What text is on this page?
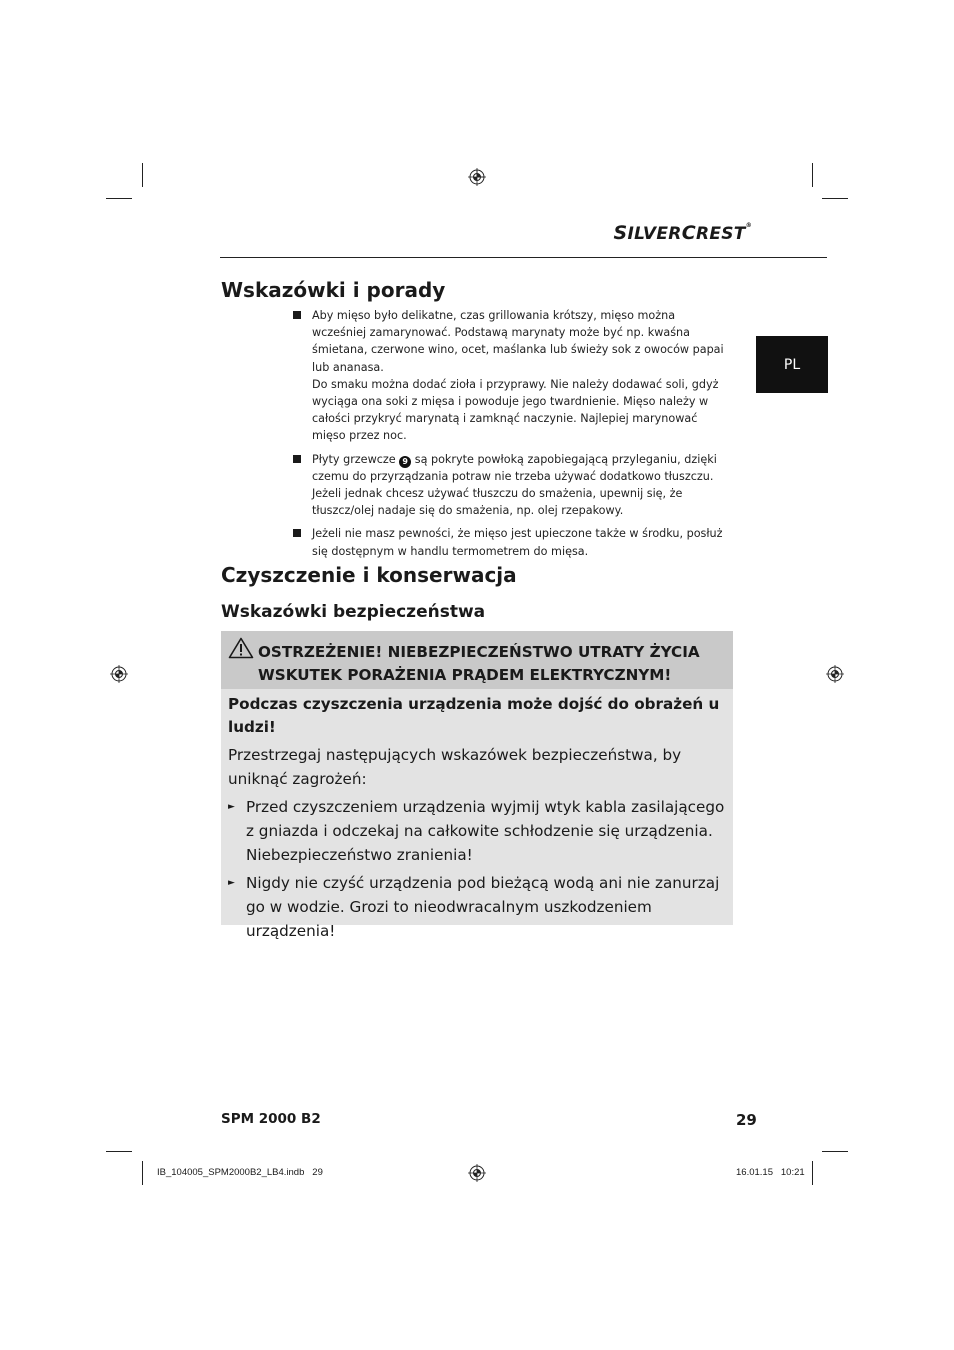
SILVERCREST®
PL
Wskazówki i porady

Aby mięso było delikatne, czas grillowania krótszy, mięso można wcześniej zamarynować. Podstawą marynaty może być np. kwaśna śmietana, czerwone wino, ocet, maślanka lub świeży sok z owoców papai lub ananasa.

Do smaku można dodać zioła i przyprawy. Nie należy dodawać soli, gdyż wyciąga ona soki z mięsa i powoduje jego twardnienie. Mięso należy w całości przykryć marynatą i zamknąć naczynie. Najlepiej marynować mięso przez noc.

Płyty grzewcze 9 są pokryte powłoką zapobiegającą przyleganiu, dzięki czemu do przyrządzania potraw nie trzeba używać dodatkowo tłuszczu. Jeżeli jednak chcesz używać tłuszczu do smażenia, upewnij się, że tłuszcz/olej nadaje się do smażenia, np. olej rzepakowy.

Jeżeli nie masz pewności, że mięso jest upieczone także w środku, posłuż się dostępnym w handlu termometrem do mięsa.

Czyszczenie i konserwacja
Wskazówki bezpieczeństwa
OSTRZEŻENIE! NIEBEZPIECZEŃSTWO UTRATY ŻYCIA WSKUTEK PORAŻENIA PRĄDEM ELEKTRYCZNYM!

Podczas czyszczenia urządzenia może dojść do obrażeń u ludzi!

Przestrzegaj następujących wskazówek bezpieczeństwa, by uniknąć zagrożeń:

► Przed czyszczeniem urządzenia wyjmij wtyk kabla zasilającego z gniazda i odczekaj na całkowite schłodzenie się urządzenia. Niebezpieczeństwo zranienia!
► Nigdy nie czyść urządzenia pod bieżącą wodą ani nie zanurzaj go w wodzie. Grozi to nieodwracalnym uszkodzeniem urządzenia!
SPM 2000 B2	29
IB_104005_SPM2000B2_LB4.indb   29	16.01.15   10:21
